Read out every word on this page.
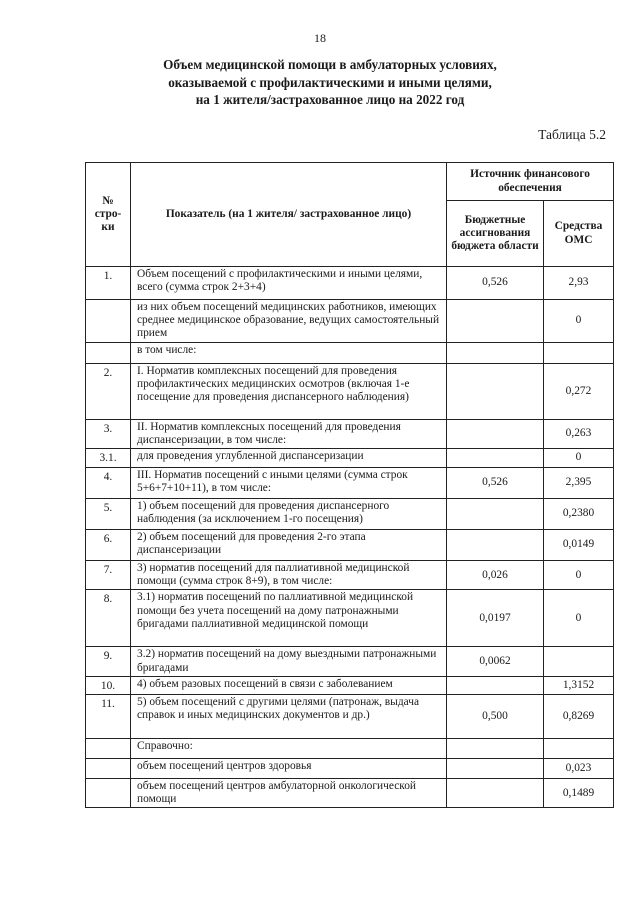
18
Объем медицинской помощи в амбулаторных условиях,
оказываемой с профилактическими и иными целями,
на 1 жителя/застрахованное лицо на 2022 год
Таблица 5.2
№ стро-ки	Показатель (на 1 жителя/ застрахованное лицо)	Источник финансового обеспечения	
		Бюджетные ассигнования бюджета области	Средства ОМС
1.	Объем посещений с профилактическими и иными целями, всего (сумма строк 2+3+4)	0,526	2,93
	из них объем посещений медицинских работников, имеющих среднее медицинское образование, ведущих самостоятельный прием		0
	в том числе:		
2.	I. Норматив комплексных посещений для проведения профилактических медицинских осмотров (включая 1-е посещение для проведения диспансерного наблюдения)		0,272
3.	II. Норматив комплексных посещений для проведения диспансеризации, в том числе:		0,263
3.1.	для проведения углубленной диспансеризации		0
4.	III. Норматив посещений с иными целями (сумма строк 5+6+7+10+11), в том числе:	0,526	2,395
5.	1) объем посещений для проведения диспансерного наблюдения (за исключением 1-го посещения)		0,2380
6.	2) объем посещений для проведения 2-го этапа диспансеризации		0,0149
7.	3) норматив посещений для паллиативной медицинской помощи (сумма строк 8+9), в том числе:	0,026	0
8.	3.1) норматив посещений по паллиативной медицинской помощи без учета посещений на дому патронажными бригадами паллиативной медицинской помощи	0,0197	0
9.	3.2) норматив посещений на дому выездными патронажными бригадами	0,0062	
10.	4) объем разовых посещений в связи с заболеванием		1,3152
11.	5) объем посещений с другими целями (патронаж, выдача справок и иных медицинских документов и др.)	0,500	0,8269
	Справочно:		
	объем посещений центров здоровья		0,023
	объем посещений центров амбулаторной онкологической помощи		0,1489
